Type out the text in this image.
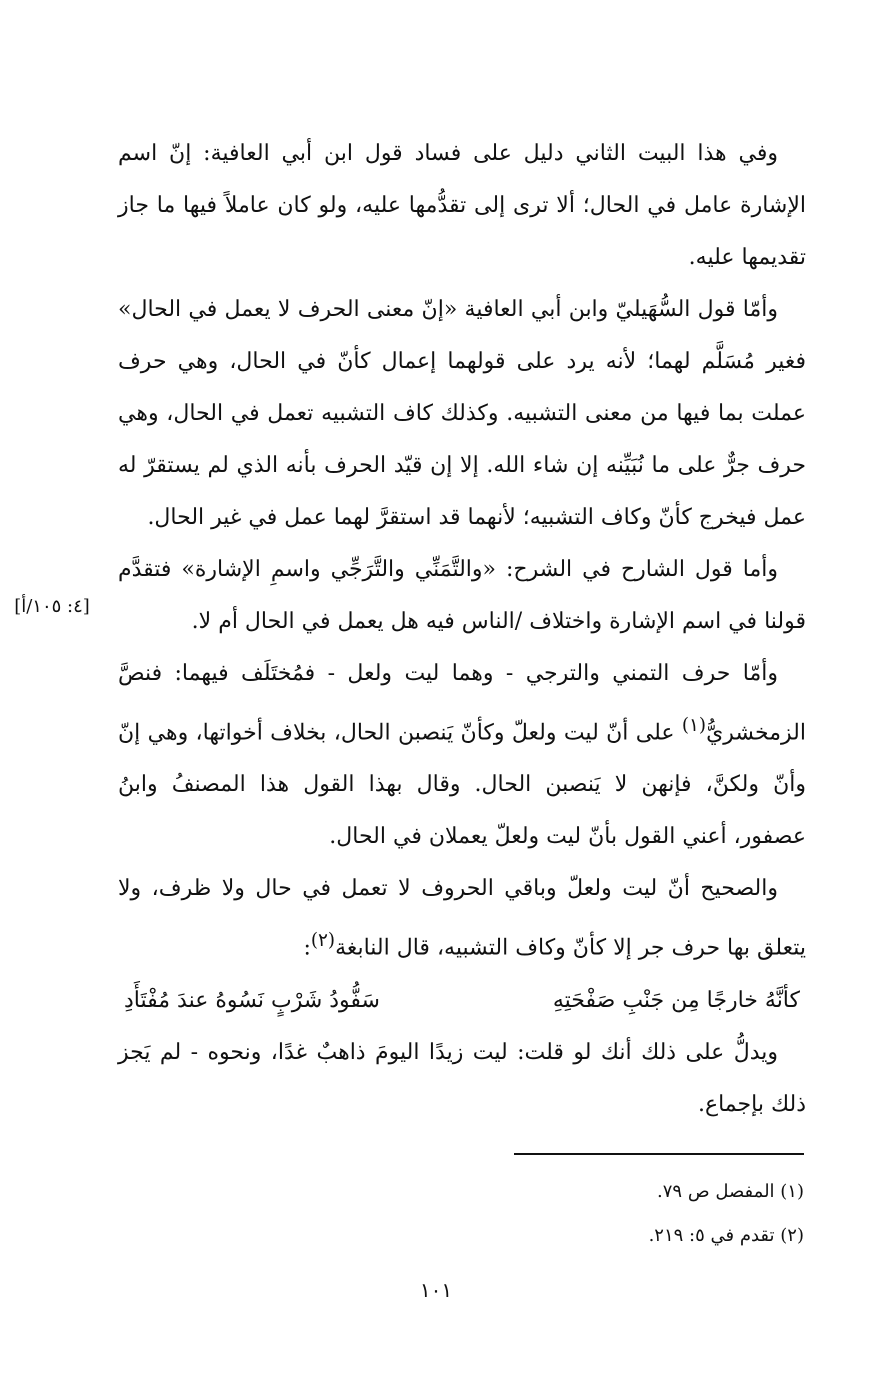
وفي هذا البيت الثاني دليل على فساد قول ابن أبي العافية: إنّ اسم الإشارة عامل في الحال؛ ألا ترى إلى تقدُّمها عليه، ولو كان عاملاً فيها ما جاز تقديمها عليه.

وأمّا قول السُّهَيليّ وابن أبي العافية «إنّ معنى الحرف لا يعمل في الحال» فغير مُسَلَّم لهما؛ لأنه يرد على قولهما إعمال كأنّ في الحال، وهي حرف عملت بما فيها من معنى التشبيه. وكذلك كاف التشبيه تعمل في الحال، وهي حرف جرٌّ على ما نُبَيِّنه إن شاء الله. إلا إن قيّد الحرف بأنه الذي لم يستقرّ له عمل فيخرج كأنّ وكاف التشبيه؛ لأنهما قد استقرَّ لهما عمل في غير الحال.

وأما قول الشارح في الشرح: «والتَّمَنِّي والتَّرَجِّي واسمِ الإشارة» فتقدَّم قولنا في اسم الإشارة واختلاف /الناس فيه هل يعمل في الحال أم لا.

وأمّا حرف التمني والترجي - وهما ليت ولعل - فمُختَلَف فيهما: فنصَّ الزمخشريُّ$^{(١)}$ على أنّ ليت ولعلّ وكأنّ يَنصبن الحال، بخلاف أخواتها، وهي إنّ وأنّ ولكنَّ، فإنهن لا يَنصبن الحال. وقال بهذا القول هذا المصنفُ وابنُ عصفور، أعني القول بأنّ ليت ولعلّ يعملان في الحال.

والصحيح أنّ ليت ولعلّ وباقي الحروف لا تعمل في حال ولا ظرف، ولا يتعلق بها حرف جر إلا كأنّ وكاف التشبيه، قال النابغة$^{(٢)}$:

كأنَّهُ خارجًا مِن جَنْبِ صَفْحَتِهِ
سَفُّودُ شَرْبٍ نَسُوهُ عندَ مُفْتَأَدِ

ويدلُّ على ذلك أنك لو قلت: ليت زيدًا اليومَ ذاهبٌ غدًا، ونحوه - لم يَجز ذلك بإجماع.

[٤: ١٠٥/أ]

(١) المفصل ص ٧٩.

(٢) تقدم في ٥: ٢١٩.

١٠١
